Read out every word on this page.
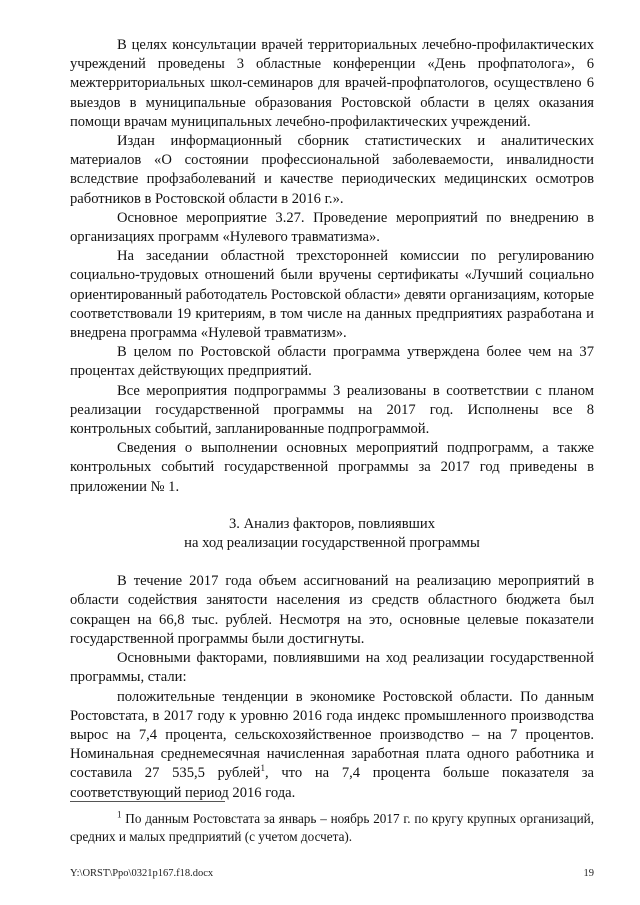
В целях консультации врачей территориальных лечебно-профилактических учреждений проведены 3 областные конференции «День профпатолога», 6 межтерриториальных школ-семинаров для врачей-профпатологов, осуществлено 6 выездов в муниципальные образования Ростовской области в целях оказания помощи врачам муниципальных лечебно-профилактических учреждений.

Издан информационный сборник статистических и аналитических материалов «О состоянии профессиональной заболеваемости, инвалидности вследствие профзаболеваний и качестве периодических медицинских осмотров работников в Ростовской области в 2016 г.».

Основное мероприятие 3.27. Проведение мероприятий по внедрению в организациях программ «Нулевого травматизма».

На заседании областной трехсторонней комиссии по регулированию социально-трудовых отношений были вручены сертификаты «Лучший социально ориентированный работодатель Ростовской области» девяти организациям, которые соответствовали 19 критериям, в том числе на данных предприятиях разработана и внедрена программа «Нулевой травматизм».

В целом по Ростовской области программа утверждена более чем на 37 процентах действующих предприятий.

Все мероприятия подпрограммы 3 реализованы в соответствии с планом реализации государственной программы на 2017 год. Исполнены все 8 контрольных событий, запланированные подпрограммой.

Сведения о выполнении основных мероприятий подпрограмм, а также контрольных событий государственной программы за 2017 год приведены в приложении № 1.

3. Анализ факторов, повлиявших
на ход реализации государственной программы

В течение 2017 года объем ассигнований на реализацию мероприятий в области содействия занятости населения из средств областного бюджета был сокращен на 66,8 тыс. рублей. Несмотря на это, основные целевые показатели государственной программы были достигнуты.

Основными факторами, повлиявшими на ход реализации государственной программы, стали:

положительные тенденции в экономике Ростовской области. По данным Ростовстата, в 2017 году к уровню 2016 года индекс промышленного производства вырос на 7,4 процента, сельскохозяйственное производство – на 7 процентов. Номинальная среднемесячная начисленная заработная плата одного работника и составила 27 535,5 рублей$^1$, что на 7,4 процента больше показателя за соответствующий период 2016 года.

$^1$ По данным Ростовстата за январь – ноябрь 2017 г. по кругу крупных организаций, средних и малых предприятий (с учетом досчета).
Y:\ORST\Ppo\0321p167.f18.docx	19
